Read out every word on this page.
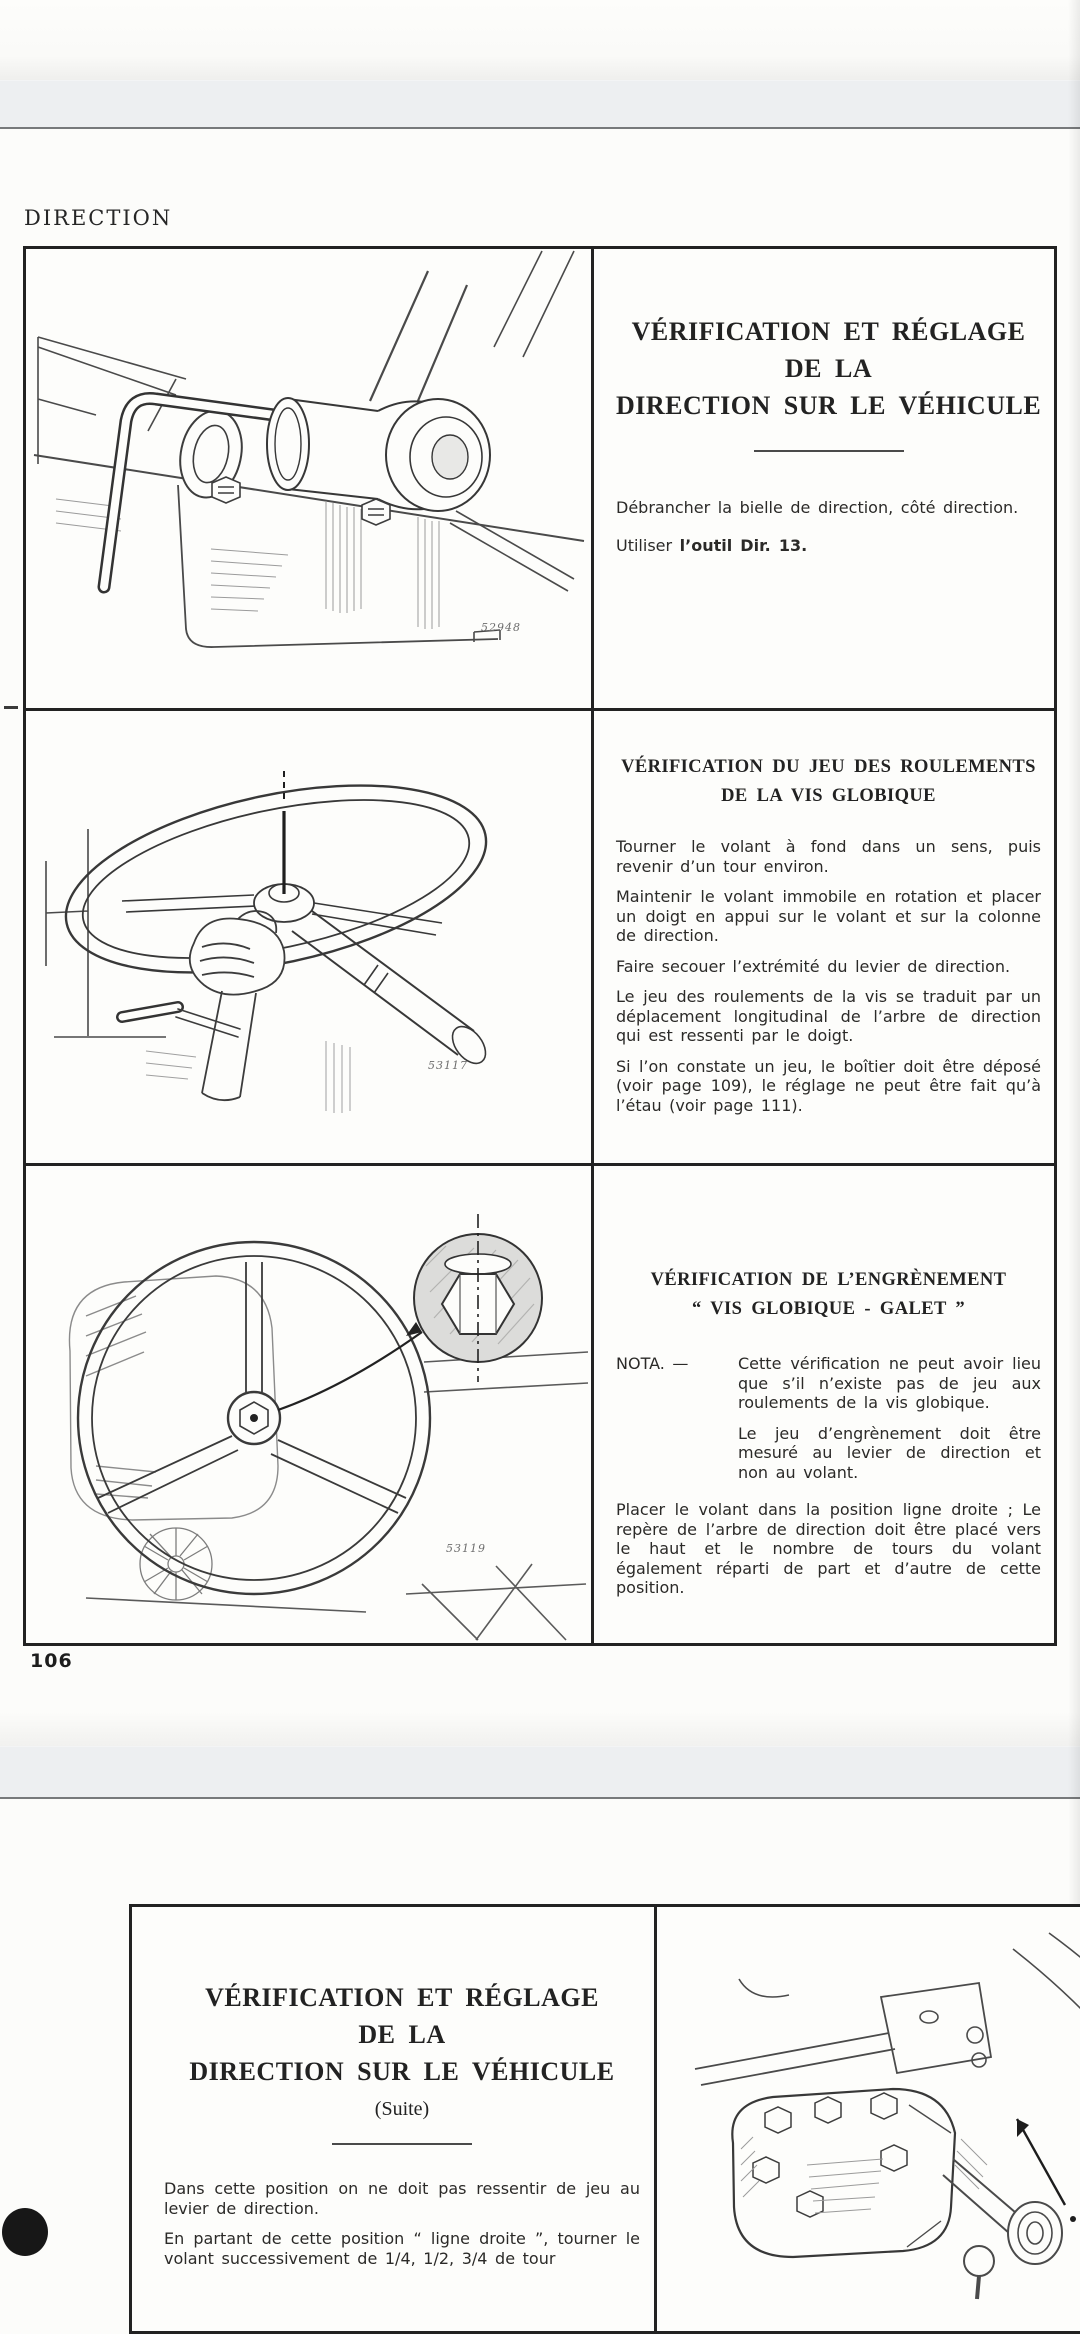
DIRECTION
106
52948
VÉRIFICATION ET RÉGLAGE
DE LA
DIRECTION SUR LE VÉHICULE

Débrancher la bielle de direction, côté direction.

Utiliser l’outil Dir. 13.

53117
VÉRIFICATION DU JEU DES ROULEMENTS
DE LA VIS GLOBIQUE

Tourner le volant à fond dans un sens, puis revenir d’un tour environ.

Maintenir le volant immobile en rotation et placer un doigt en appui sur le volant et sur la colonne de direction.

Faire secouer l’extrémité du levier de direction.

Le jeu des roulements de la vis se traduit par un déplacement longitudinal de l’arbre de direction qui est ressenti par le doigt.

Si l’on constate un jeu, le boîtier doit être déposé (voir page 109), le réglage ne peut être fait qu’à l’étau (voir page 111).

53119
VÉRIFICATION DE L’ENGRÈNEMENT
“ VIS GLOBIQUE - GALET ”
NOTA. —	Cette vérification ne peut avoir lieu que s’il n’existe pas de jeu aux roulements de la vis globique.

Le jeu d’engrènement doit être mesuré au levier de direction et non au volant.

Placer le volant dans la position ligne droite ; Le repère de l’arbre de direction doit être placé vers le haut et le nombre de tours du volant également réparti de part et d’autre de cette position.

VÉRIFICATION ET RÉGLAGE
DE LA
DIRECTION SUR LE VÉHICULE
(Suite)

Dans cette position on ne doit pas ressentir de jeu au levier de direction.

En partant de cette position “ ligne droite ”, tourner le volant successivement de 1/4, 1/2, 3/4 de tour
